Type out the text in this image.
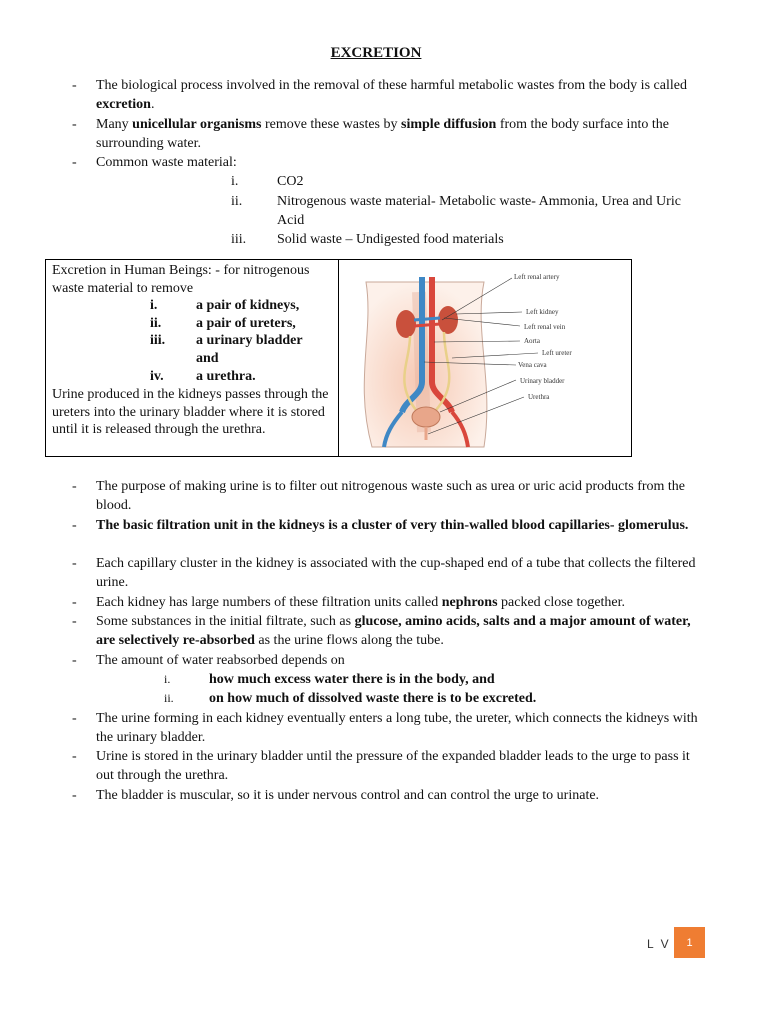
EXCRETION
- The biological process involved in the removal of these harmful metabolic wastes from the body is called excretion.
- Many unicellular organisms remove these wastes by simple diffusion from the body surface into the surrounding water.
- Common waste material:
i.	CO2
ii. Nitrogenous waste material- Metabolic waste- Ammonia, Urea and Uric Acid
iii. Solid waste – Undigested food materials
Excretion in Human Beings: - for nitrogenous waste material to remove
i.	a pair of kidneys,
ii. a pair of ureters,
iii. a urinary bladder and
iv. a urethra.
Urine produced in the kidneys passes through the ureters into the urinary bladder where it is stored until it is released through the urethra.
Left renal artery
Left kidney
Left renal vein
Aorta
Left ureter
Vena cava
Urinary bladder
Urethra
- The purpose of making urine is to filter out nitrogenous waste such as urea or uric acid products from the blood.
- The basic filtration unit in the kidneys is a cluster of very thin-walled blood capillaries- glomerulus.
- Each capillary cluster in the kidney is associated with the cup-shaped end of a tube that collects the filtered urine.
- Each kidney has large numbers of these filtration units called nephrons packed close together.
- Some substances in the initial filtrate, such as glucose, amino acids, salts and a major amount of water, are selectively re-absorbed as the urine flows along the tube.
- The amount of water reabsorbed depends on
i.	how much excess water there is in the body, and
ii.	on how much of dissolved waste there is to be excreted.
- The urine forming in each kidney eventually enters a long tube, the ureter, which connects the kidneys with the urinary bladder.
- Urine is stored in the urinary bladder until the pressure of the expanded bladder leads to the urge to pass it out through the urethra.
- The bladder is muscular, so it is under nervous control and can control the urge to urinate.
L V	1
